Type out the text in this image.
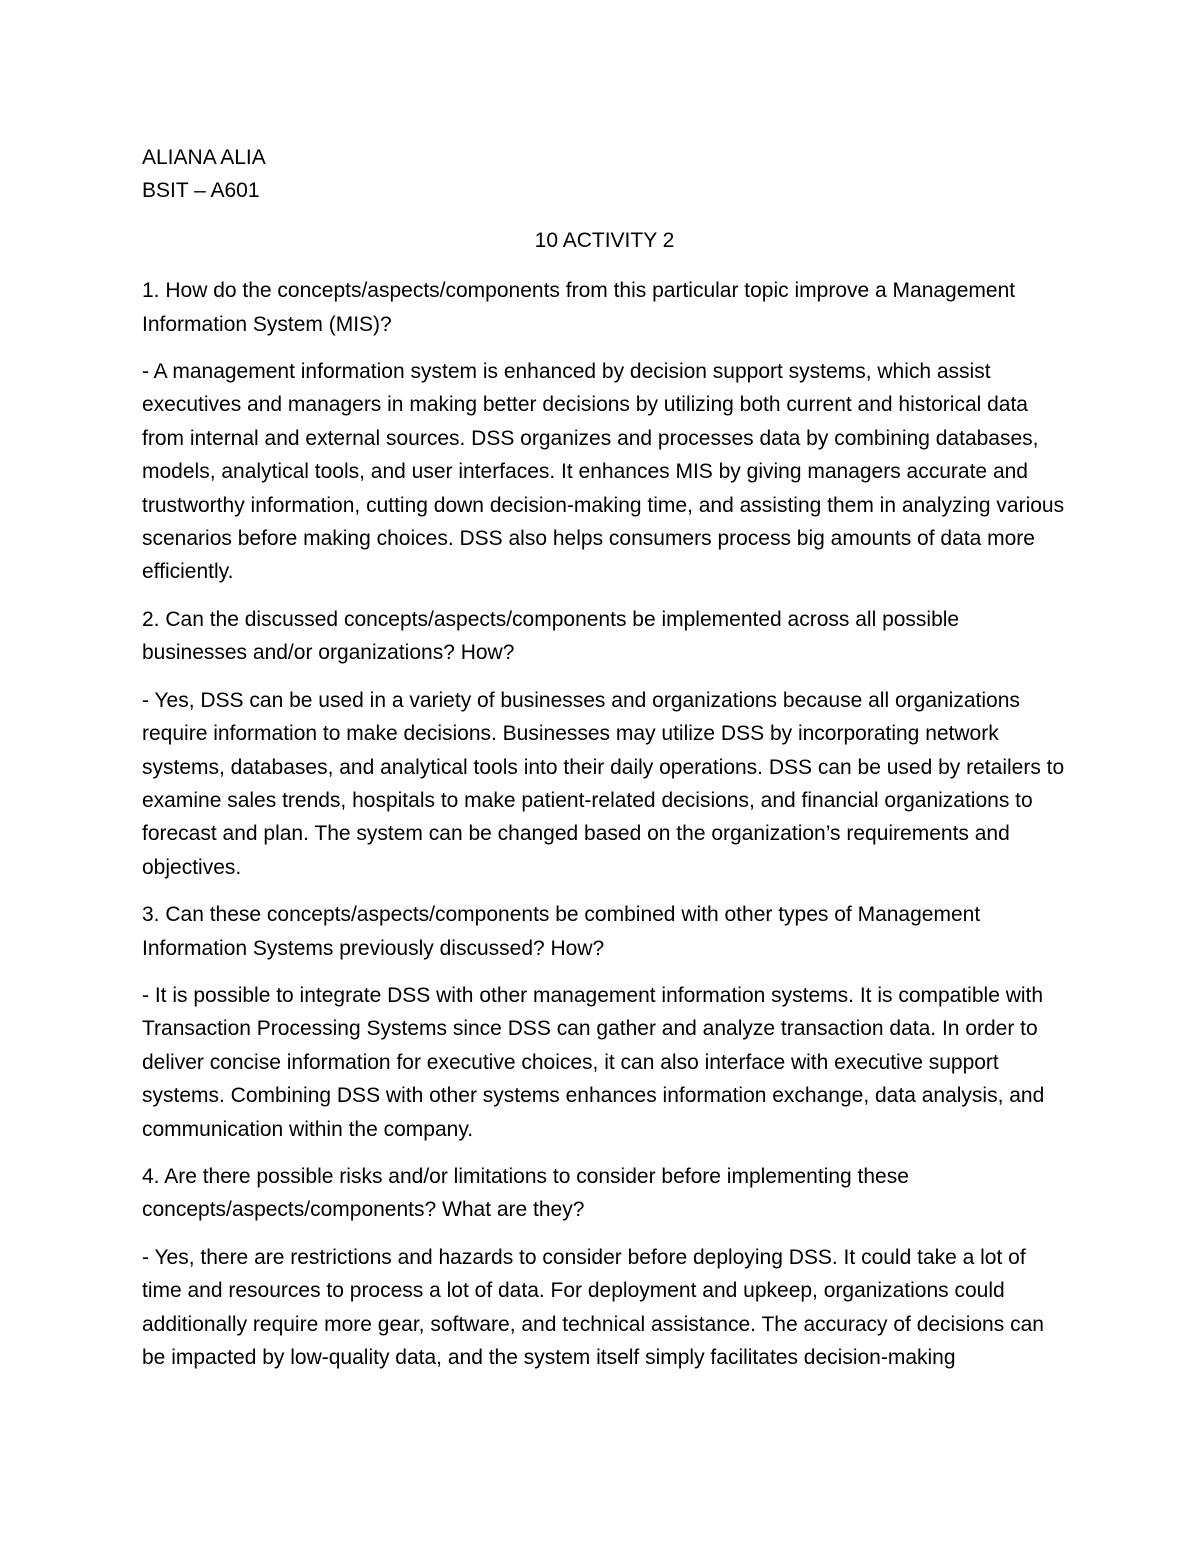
ALIANA ALIA

BSIT – A601

10 ACTIVITY 2

1. How do the concepts/aspects/components from this particular topic improve a Management Information System (MIS)?

- A management information system is enhanced by decision support systems, which assist executives and managers in making better decisions by utilizing both current and historical data from internal and external sources. DSS organizes and processes data by combining databases, models, analytical tools, and user interfaces. It enhances MIS by giving managers accurate and trustworthy information, cutting down decision-making time, and assisting them in analyzing various scenarios before making choices. DSS also helps consumers process big amounts of data more efficiently.

2. Can the discussed concepts/aspects/components be implemented across all possible businesses and/or organizations? How?

- Yes, DSS can be used in a variety of businesses and organizations because all organizations require information to make decisions. Businesses may utilize DSS by incorporating network systems, databases, and analytical tools into their daily operations. DSS can be used by retailers to examine sales trends, hospitals to make patient-related decisions, and financial organizations to forecast and plan. The system can be changed based on the organization’s requirements and objectives.

3. Can these concepts/aspects/components be combined with other types of Management Information Systems previously discussed? How?

- It is possible to integrate DSS with other management information systems. It is compatible with Transaction Processing Systems since DSS can gather and analyze transaction data. In order to deliver concise information for executive choices, it can also interface with executive support systems. Combining DSS with other systems enhances information exchange, data analysis, and communication within the company.

4. Are there possible risks and/or limitations to consider before implementing these concepts/aspects/components? What are they?

- Yes, there are restrictions and hazards to consider before deploying DSS. It could take a lot of time and resources to process a lot of data. For deployment and upkeep, organizations could additionally require more gear, software, and technical assistance. The accuracy of decisions can be impacted by low-quality data, and the system itself simply facilitates decision-making
